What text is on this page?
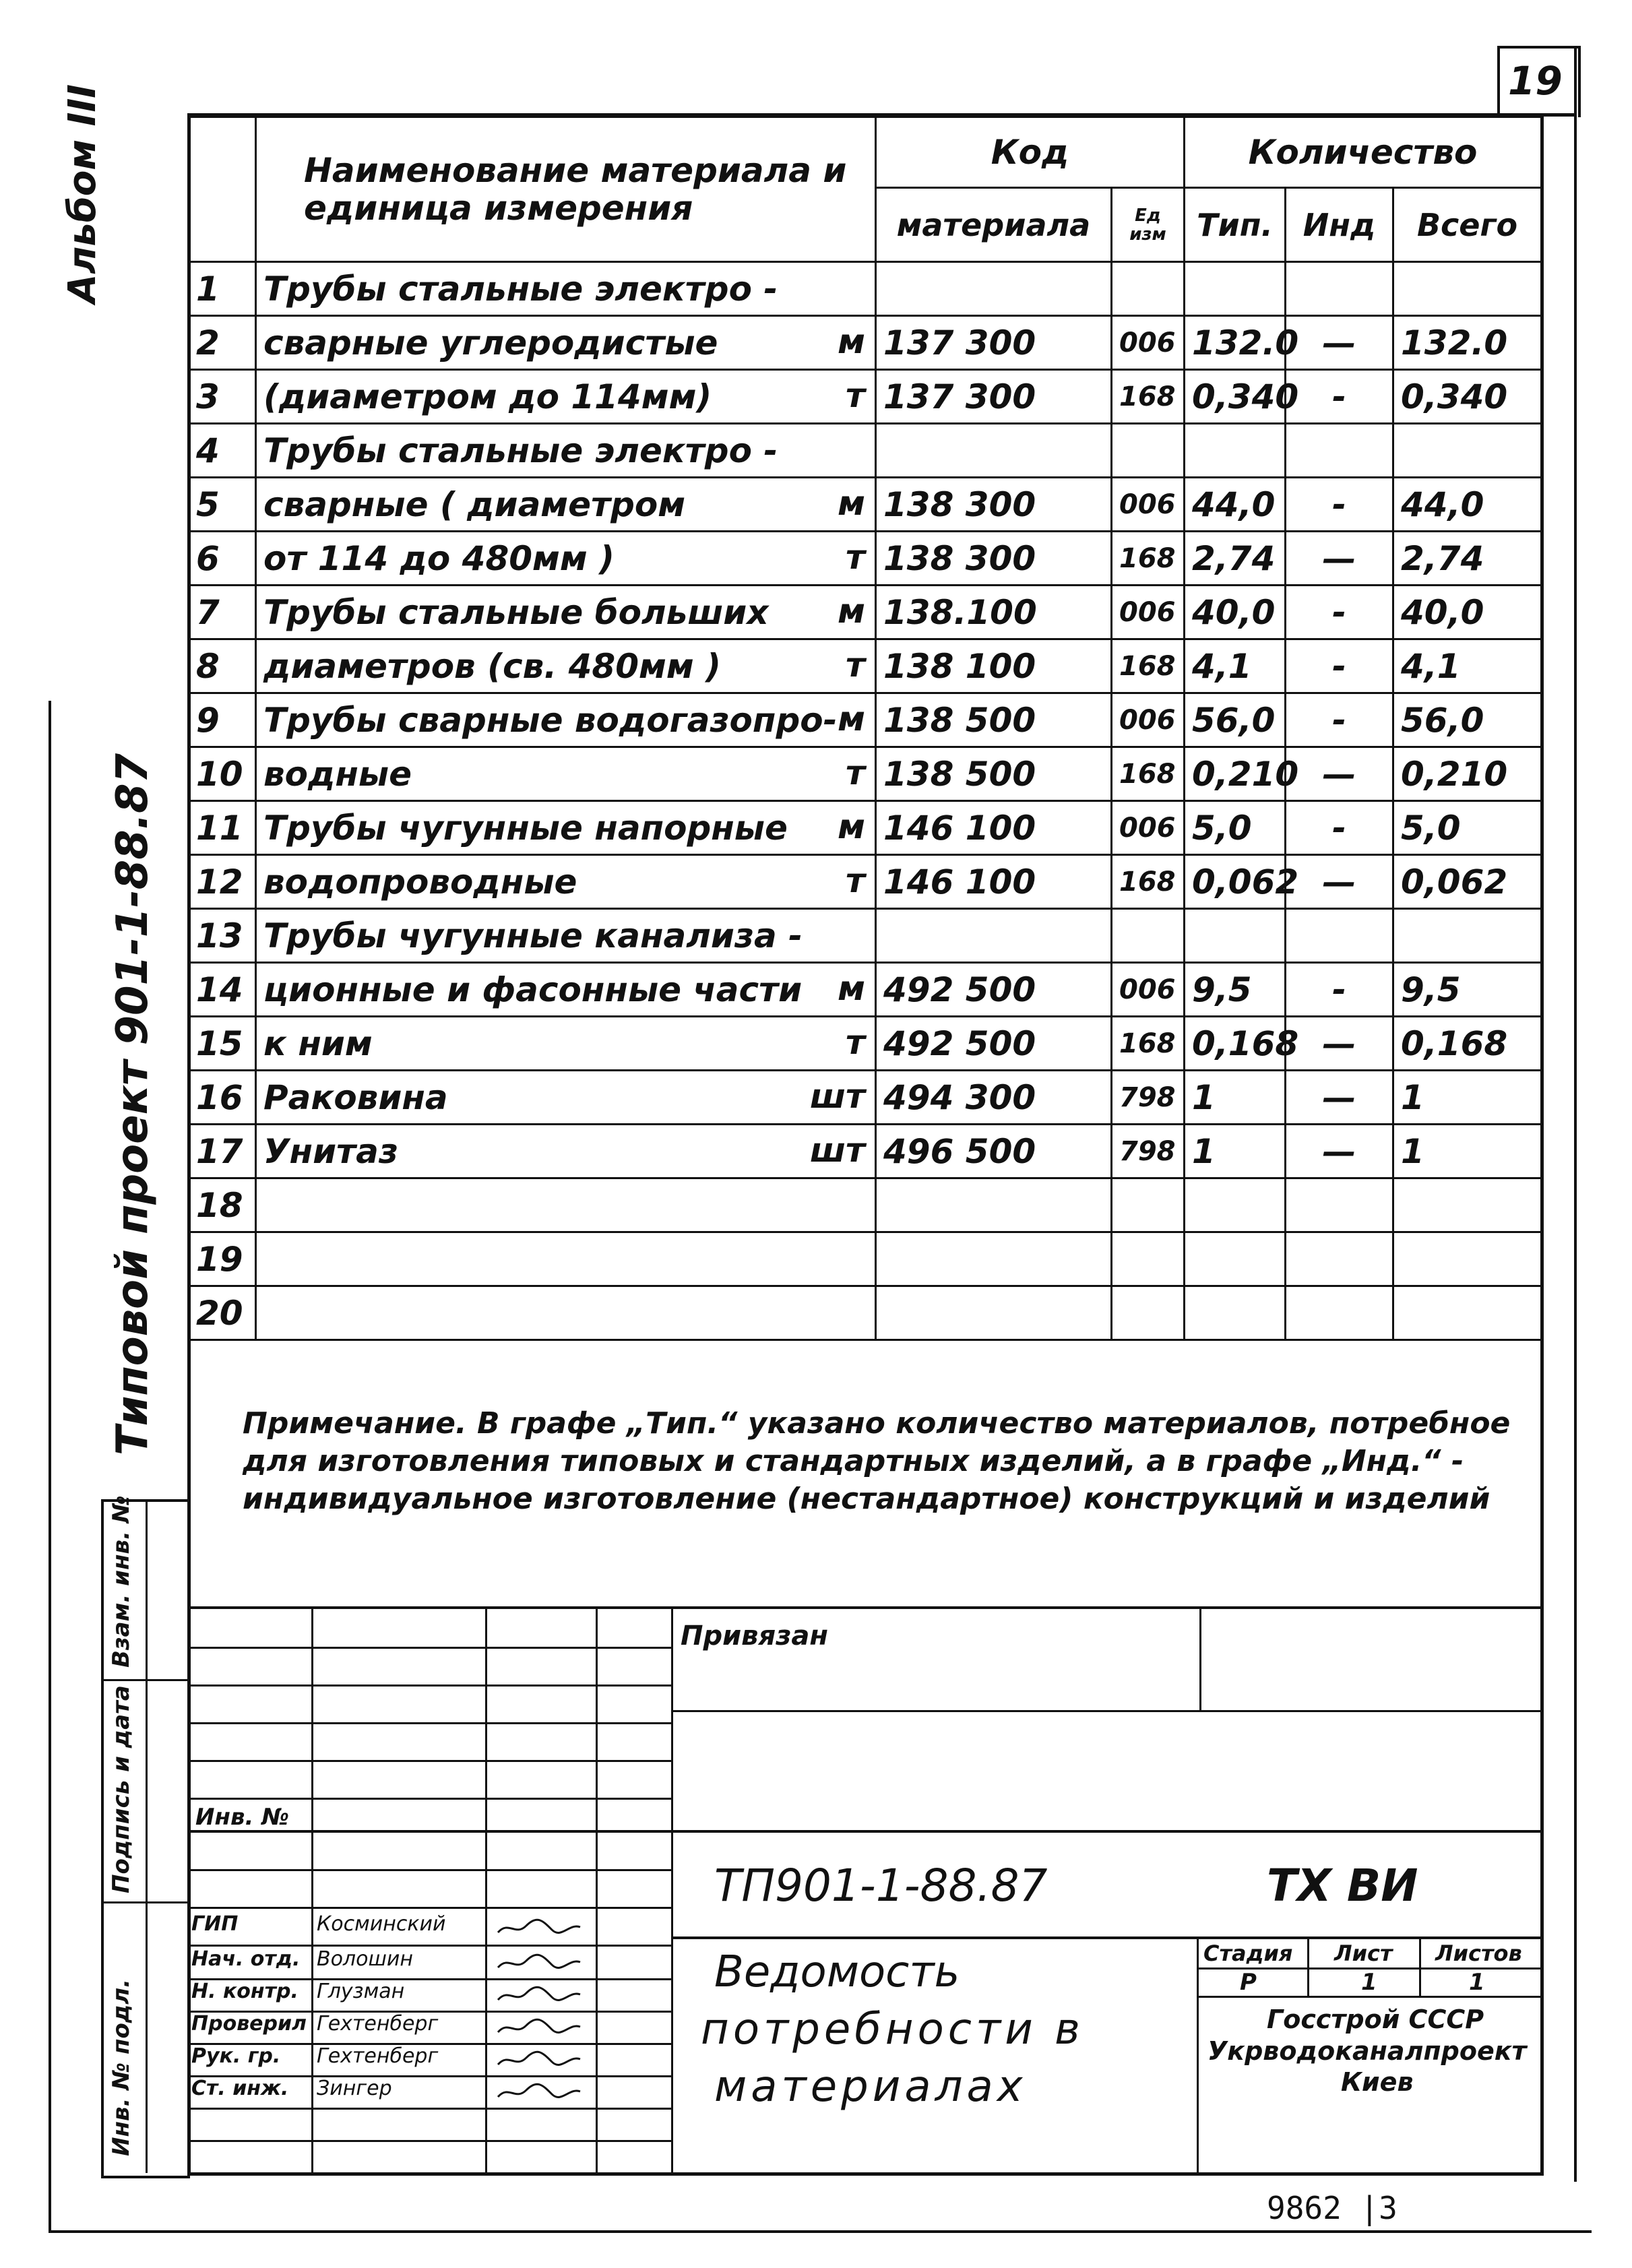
19
Альбом ІІІ
Типовой проект 901-1-88.87
	Наименование материала и единица измерения	Код		Количество		
		материала	Ед изм	Тип.	Инд	Всего
1	Трубы стальные электро -

2	сварные углеродистые м	137 300	006	132.0	—	132.0
3	(диаметром до 114мм) т	137 300	168	0,340	-	0,340
4	Трубы стальные электро -

5	сварные ( диаметром м	138 300	006	44,0	-	44,0
6	от 114 до 480мм ) т	138 300	168	2,74	—	2,74
7	Трубы стальные больших м	138.100	006	40,0	-	40,0
8	диаметров (св. 480мм ) т	138 100	168	4,1	-	4,1
9	Трубы сварные водогазопро- м	138 500	006	56,0	-	56,0
10	водные т	138 500	168	0,210	—	0,210
11	Трубы чугунные напорные м	146 100	006	5,0	-	5,0
12	водопроводные т	146 100	168	0,062	—	0,062
13	Трубы чугунные канализа -

14	ционные и фасонные части м	492 500	006	9,5	-	9,5
15	к ним т	492 500	168	0,168	—	0,168
16	Раковина шт	494 300	798	1	—	1
17	Унитаз шт	496 500	798	1	—	1
18	

19	

20	

Примечание. В графе „Тип.“ указано количество материалов, потребное для изготовления типовых и стандартных изделий, а в графе „Инд.“ - индивидуальное изготовление (нестандартное) конструкций и изделий
Взам. инв. №
Подпись и дата
Инв. № подл.
Привязан
Инв. №
ТП901-1-88.87	ТХ ВИ
Ведомость
потребности в
материалах
Стадия Лист Листов
Р	1	1
Госстрой СССР
Укрводоканалпроект
Киев
ГИП	Косминский
Нач. отд. Волошин
Н. контр. Глузман
Проверил Гехтенберг
Рук. гр. Гехтенберг
Ст. инж. Зингер
9862 |3
